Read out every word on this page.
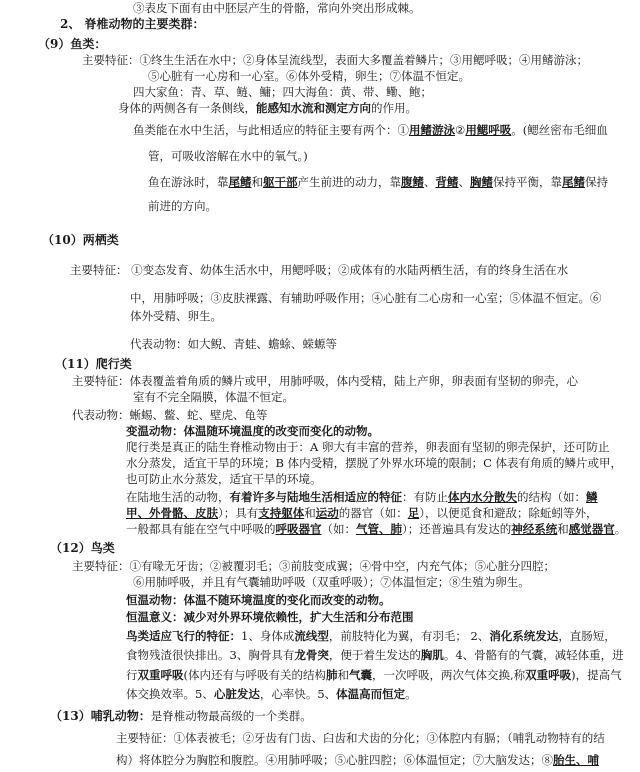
③表皮下面有由中胚层产生的骨骼，常向外突出形成棘。
2、 脊椎动物的主要类群：
（9）鱼类：
主要特征：①终生生活在水中；②身体呈流线型，表面大多覆盖着鳞片；③用鳃呼吸；④用鳍游泳；
⑤心脏有一心房和一心室。⑥体外受精，卵生；⑦体温不恒定。
四大家鱼：青、草、鲢、鳙；四大海鱼：黄、带、鳓、鲍；
身体的两侧各有一条侧线，能感知水流和测定方向的作用。
鱼类能在水中生活，与此相适应的特征主要有两个：①用鳍游泳②用鳃呼吸。(鳃丝密布毛细血
管，可吸收溶解在水中的氧气。)
鱼在游泳时，靠尾鳍和躯干部产生前进的动力，靠腹鳍、背鳍、胸鳍保持平衡，靠尾鳍保持
前进的方向。
（10）两栖类
主要特征： ①变态发育、幼体生活水中，用鳃呼吸；②成体有的水陆两栖生活，有的终身生活在水
中，用肺呼吸；③皮肤裸露、有辅助呼吸作用；④心脏有二心房和一心室；⑤体温不恒定。⑥
体外受精、卵生。
代表动物：如大鲵、青蛙、蟾蜍、蝾螈等
（11）爬行类
主要特征：体表覆盖着角质的鳞片或甲，用肺呼吸，体内受精，陆上产卵，卵表面有坚韧的卵壳，心
室有不完全隔膜，体温不恒定。
代表动物：蜥蜴、鳖、蛇、壁虎、龟等
变温动物：体温随环境温度的改变而变化的动物。
爬行类是真正的陆生脊椎动物由于：A 卵大有丰富的营养，卵表面有坚韧的卵壳保护，还可防止
水分蒸发，适宜干旱的环境；B 体内受精，摆脱了外界水环境的限制；C 体表有角质的鳞片或甲，
也可防止水分蒸发，适宜干旱的环境。
在陆地生活的动物，有着许多与陆地生活相适应的特征：有防止体内水分散失的结构（如：鳞
甲、外骨骼、皮肤）；具有支持躯体和运动的器官（如：足），以便觅食和避敌；除蚯蚓等外，
一般都具有能在空气中呼吸的呼吸器官（如：气管、肺）；还普遍具有发达的神经系统和感觉器官。
（12）鸟类
主要特征：①有喙无牙齿；②被覆羽毛；③前肢变成翼；④骨中空，内充气体；⑤心脏分四腔；
⑥用肺呼吸，并且有气囊辅助呼吸（双重呼吸）；⑦体温恒定；⑧生殖为卵生。
恒温动物：体温不随环境温度的变化而改变的动物。
恒温意义：减少对外界环境依赖性，扩大生活和分布范围
鸟类适应飞行的特征：1、身体成流线型，前肢特化为翼，有羽毛； 2、消化系统发达，直肠短，
食物残渣很快排出。3、胸骨具有龙骨突，便于着生发达的胸肌。4、骨骼有的气囊，减轻体重，进
行双重呼吸(体内还有与呼吸有关的结构肺和气囊，一次呼吸，两次气体交换,称双重呼吸)，提高气
体交换效率。5、心脏发达，心率快。5、体温高而恒定。
（13）哺乳动物：是脊椎动物最高级的一个类群。
主要特征：①体表被毛；②牙齿有门齿、臼齿和犬齿的分化；③体腔内有膈；（哺乳动物特有的结
构）将体腔分为胸腔和腹腔。④用肺呼吸；⑤心脏四腔；⑥体温恒定；⑦大脑发达；⑧胎生、哺
